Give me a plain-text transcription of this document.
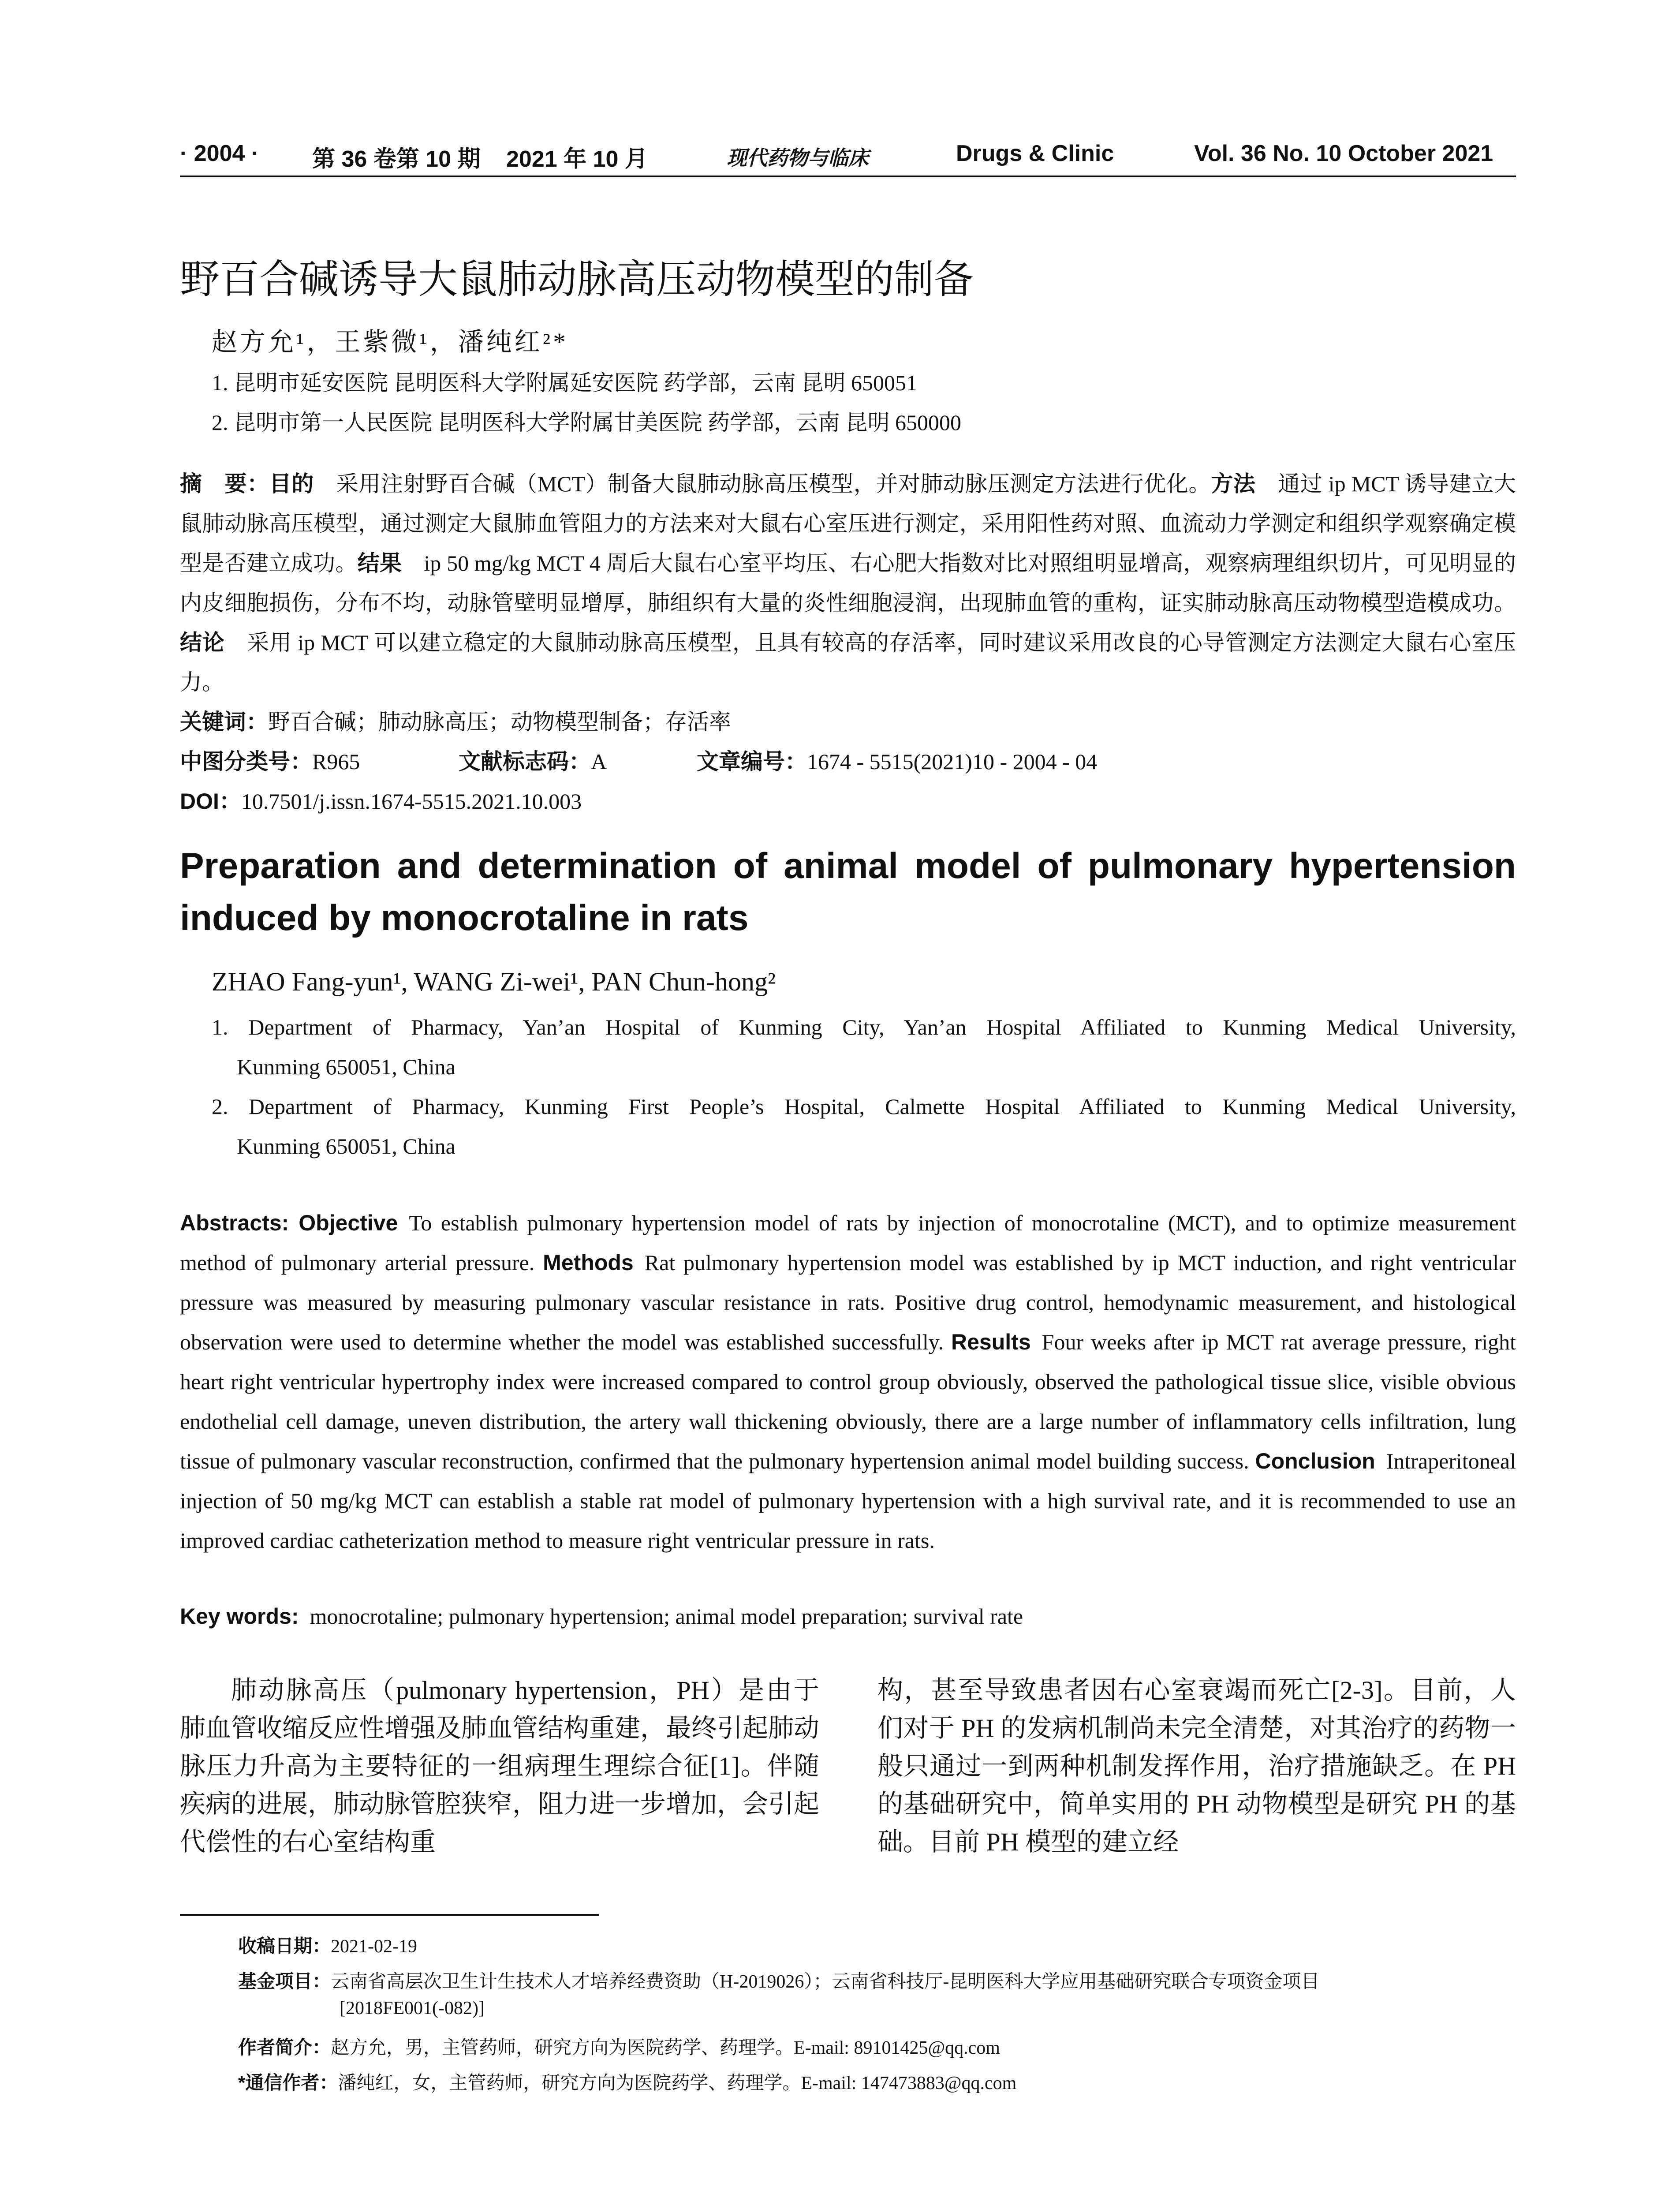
· 2004 · 第 36 卷第 10 期 2021 年 10 月	现代药物与临床	Drugs & Clinic	Vol. 36 No. 10 October 2021
野百合碱诱导大鼠肺动脉高压动物模型的制备
赵方允¹，王紫微¹，潘纯红²*
1. 昆明市延安医院 昆明医科大学附属延安医院 药学部，云南 昆明 650051
2. 昆明市第一人民医院 昆明医科大学附属甘美医院 药学部，云南 昆明 650000
摘　要：目的  采用注射野百合碱（MCT）制备大鼠肺动脉高压模型，并对肺动脉压测定方法进行优化。方法  通过 ip MCT 诱导建立大鼠肺动脉高压模型，通过测定大鼠肺血管阻力的方法来对大鼠右心室压进行测定，采用阳性药对照、血流动力学测定和组织学观察确定模型是否建立成功。结果  ip 50 mg/kg MCT 4 周后大鼠右心室平均压、右心肥大指数对比对照组明显增高，观察病理组织切片，可见明显的内皮细胞损伤，分布不均，动脉管壁明显增厚，肺组织有大量的炎性细胞浸润，出现肺血管的重构，证实肺动脉高压动物模型造模成功。结论  采用 ip MCT 可以建立稳定的大鼠肺动脉高压模型，且具有较高的存活率，同时建议采用改良的心导管测定方法测定大鼠右心室压力。
关键词：野百合碱；肺动脉高压；动物模型制备；存活率
中图分类号：R965	文献标志码：A	文章编号：1674 - 5515(2021)10 - 2004 - 04
DOI：10.7501/j.issn.1674-5515.2021.10.003
Preparation and determination of animal model of pulmonary hypertension induced by monocrotaline in rats
ZHAO Fang-yun¹, WANG Zi-wei¹, PAN Chun-hong²
1. Department of Pharmacy, Yan’an Hospital of Kunming City, Yan’an Hospital Affiliated to Kunming Medical University,
Kunming 650051, China
2. Department of Pharmacy, Kunming First People’s Hospital, Calmette Hospital Affiliated to Kunming Medical University,
Kunming 650051, China
Abstracts: Objective  To establish pulmonary hypertension model of rats by injection of monocrotaline (MCT), and to optimize measurement method of pulmonary arterial pressure. Methods  Rat pulmonary hypertension model was established by ip MCT induction, and right ventricular pressure was measured by measuring pulmonary vascular resistance in rats. Positive drug control, hemodynamic measurement, and histological observation were used to determine whether the model was established successfully. Results  Four weeks after ip MCT rat average pressure, right heart right ventricular hypertrophy index were increased compared to control group obviously, observed the pathological tissue slice, visible obvious endothelial cell damage, uneven distribution, the artery wall thickening obviously, there are a large number of inflammatory cells infiltration, lung tissue of pulmonary vascular reconstruction, confirmed that the pulmonary hypertension animal model building success. Conclusion  Intraperitoneal injection of 50 mg/kg MCT can establish a stable rat model of pulmonary hypertension with a high survival rate, and it is recommended to use an improved cardiac catheterization method to measure right ventricular pressure in rats.
Key words:  monocrotaline; pulmonary hypertension; animal model preparation; survival rate
肺动脉高压（pulmonary hypertension，PH）是由于肺血管收缩反应性增强及肺血管结构重建，最终引起肺动脉压力升高为主要特征的一组病理生理综合征[1]。伴随疾病的进展，肺动脉管腔狭窄，阻力进一步增加，会引起代偿性的右心室结构重
构，甚至导致患者因右心室衰竭而死亡[2-3]。目前，人们对于 PH 的发病机制尚未完全清楚，对其治疗的药物一般只通过一到两种机制发挥作用，治疗措施缺乏。在 PH 的基础研究中，简单实用的 PH 动物模型是研究 PH 的基础。目前 PH 模型的建立经
收稿日期：2021-02-19
基金项目：云南省高层次卫生计生技术人才培养经费资助（H-2019026）；云南省科技厅-昆明医科大学应用基础研究联合专项资金项目
[2018FE001(-082)]
作者简介：赵方允，男，主管药师，研究方向为医院药学、药理学。E-mail: 89101425@qq.com
*通信作者：潘纯红，女，主管药师，研究方向为医院药学、药理学。E-mail: 147473883@qq.com
